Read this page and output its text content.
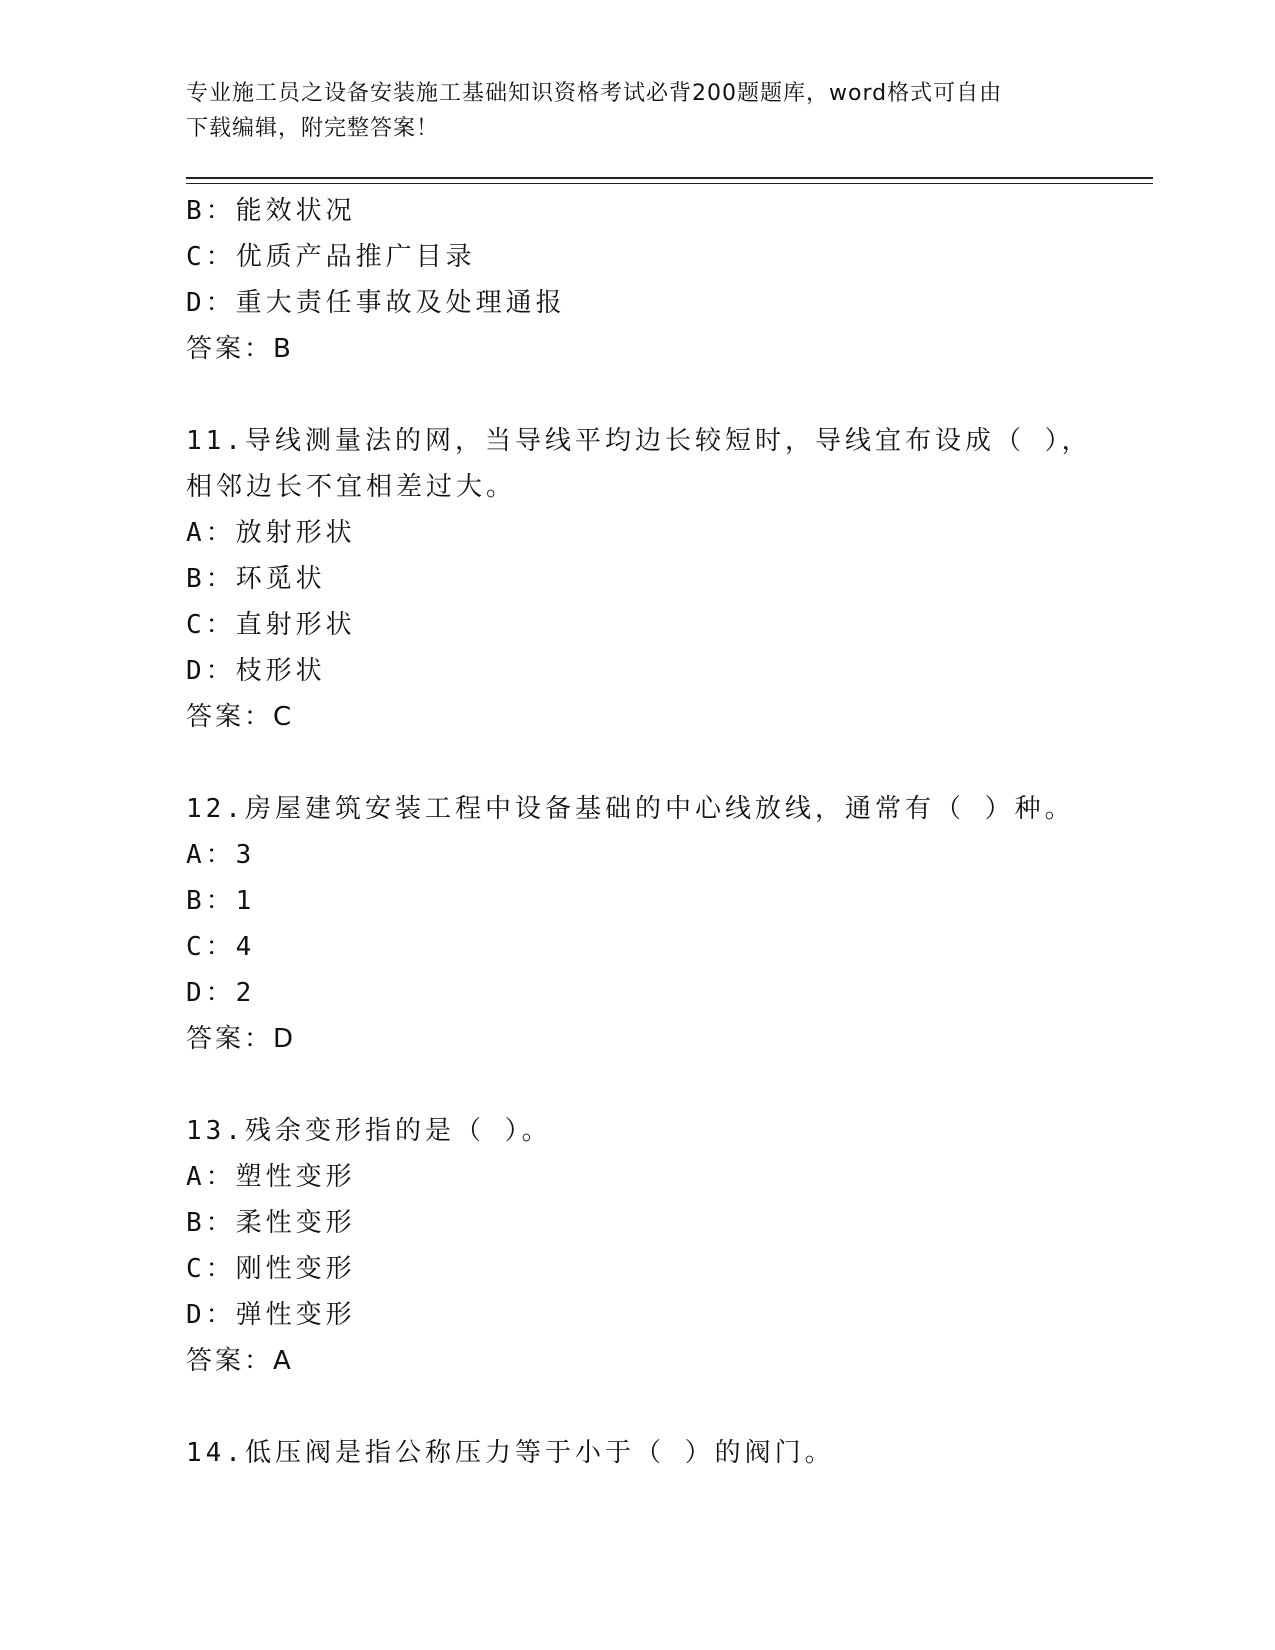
专业施工员之设备安装施工基础知识资格考试必背200题题库，word格式可自由
下载编辑，附完整答案！
B：能效状况
C：优质产品推广目录
D：重大责任事故及处理通报
答案：B
11.导线测量法的网，当导线平均边长较短时，导线宜布设成（ ），
相邻边长不宜相差过大。
A：放射形状
B：环觅状
C：直射形状
D：枝形状
答案：C
12.房屋建筑安装工程中设备基础的中心线放线，通常有（ ）种。
A：3
B：1
C：4
D：2
答案：D
13.残余变形指的是（ ）。
A：塑性变形
B：柔性变形
C：刚性变形
D：弹性变形
答案：A
14.低压阀是指公称压力等于小于（ ）的阀门。
